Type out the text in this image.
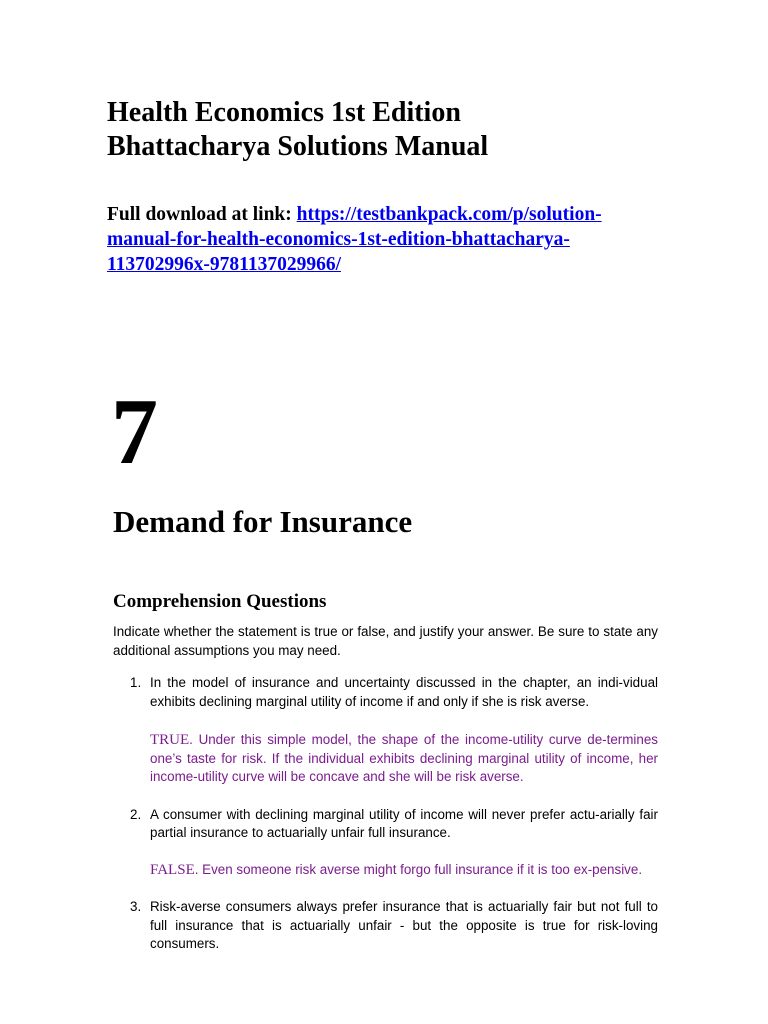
Health Economics 1st Edition
Bhattacharya Solutions Manual
Full download at link: https://testbankpack.com/p/solution-manual-for-health-economics-1st-edition-bhattacharya-113702996x-9781137029966/
7
Demand for Insurance
Comprehension Questions

Indicate whether the statement is true or false, and justify your answer. Be sure to state any additional assumptions you may need.

1. In the model of insurance and uncertainty discussed in the chapter, an indi-vidual exhibits declining marginal utility of income if and only if she is risk averse.

TRUE. Under this simple model, the shape of the income-utility curve de-termines one’s taste for risk. If the individual exhibits declining marginal utility of income, her income-utility curve will be concave and she will be risk averse.

2. A consumer with declining marginal utility of income will never prefer actu-arially fair partial insurance to actuarially unfair full insurance.

FALSE. Even someone risk averse might forgo full insurance if it is too ex-pensive.

3. Risk-averse consumers always prefer insurance that is actuarially fair but not full to full insurance that is actuarially unfair - but the opposite is true for risk-loving consumers.
